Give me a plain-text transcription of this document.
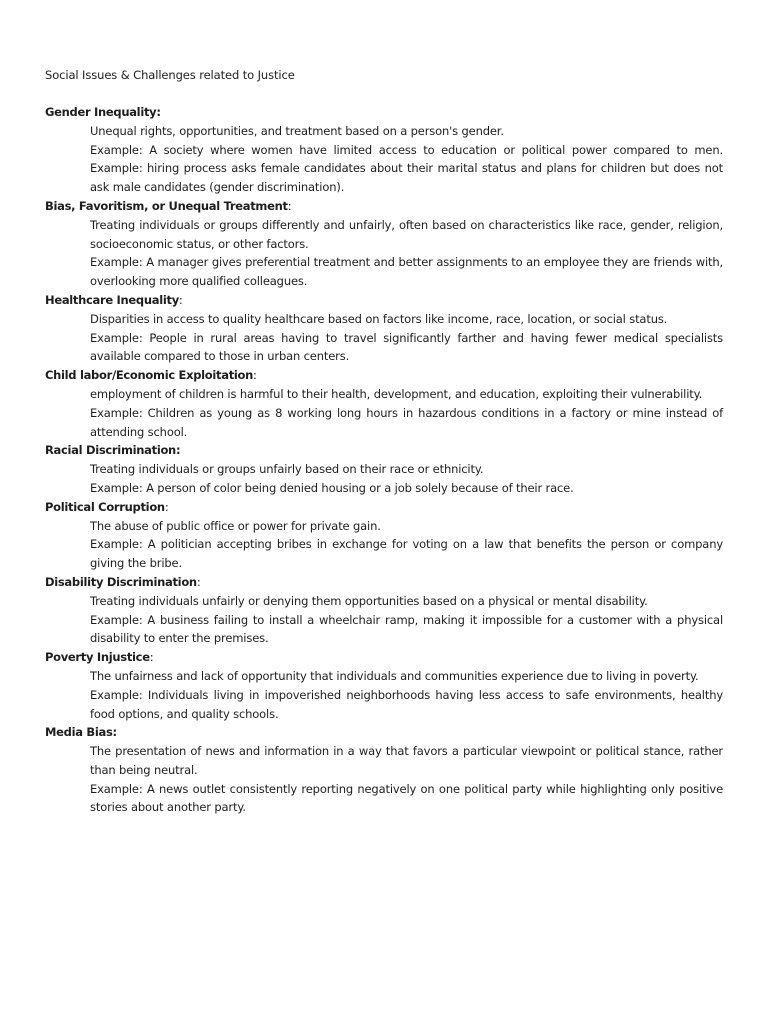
Social Issues & Challenges related to Justice
Gender Inequality:
Unequal rights, opportunities, and treatment based on a person's gender.
Example: A society where women have limited access to education or political power compared to men. Example: hiring process asks female candidates about their marital status and plans for children but does not ask male candidates (gender discrimination).
Bias, Favoritism, or Unequal Treatment:
Treating individuals or groups differently and unfairly, often based on characteristics like race, gender, religion, socioeconomic status, or other factors.
Example: A manager gives preferential treatment and better assignments to an employee they are friends with, overlooking more qualified colleagues.
Healthcare Inequality:
Disparities in access to quality healthcare based on factors like income, race, location, or social status.
Example: People in rural areas having to travel significantly farther and having fewer medical specialists available compared to those in urban centers.
Child labor/Economic Exploitation:
employment of children is harmful to their health, development, and education, exploiting their vulnerability.
Example: Children as young as 8 working long hours in hazardous conditions in a factory or mine instead of attending school.
Racial Discrimination:
Treating individuals or groups unfairly based on their race or ethnicity.
Example: A person of color being denied housing or a job solely because of their race.
Political Corruption:
The abuse of public office or power for private gain.
Example: A politician accepting bribes in exchange for voting on a law that benefits the person or company giving the bribe.
Disability Discrimination:
Treating individuals unfairly or denying them opportunities based on a physical or mental disability.
Example: A business failing to install a wheelchair ramp, making it impossible for a customer with a physical disability to enter the premises.
Poverty Injustice:
The unfairness and lack of opportunity that individuals and communities experience due to living in poverty.
Example: Individuals living in impoverished neighborhoods having less access to safe environments, healthy food options, and quality schools.
Media Bias:
The presentation of news and information in a way that favors a particular viewpoint or political stance, rather than being neutral.
Example: A news outlet consistently reporting negatively on one political party while highlighting only positive stories about another party.
